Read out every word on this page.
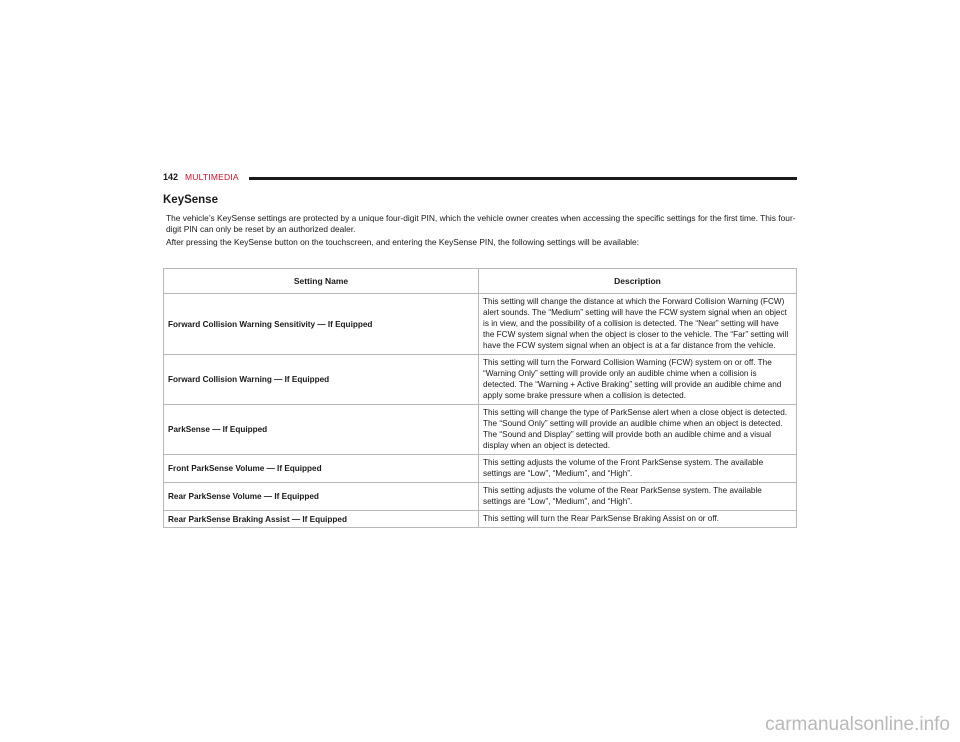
142 MULTIMEDIA
KeySense

The vehicle’s KeySense settings are protected by a unique four-digit PIN, which the vehicle owner creates when accessing the specific settings for the first time. This four-digit PIN can only be reset by an authorized dealer.

After pressing the KeySense button on the touchscreen, and entering the KeySense PIN, the following settings will be available:

Setting Name	Description
Forward Collision Warning Sensitivity — If Equipped	This setting will change the distance at which the Forward Collision Warning (FCW) alert sounds. The “Medium” setting will have the FCW system signal when an object is in view, and the possibility of a collision is detected. The “Near” setting will have the FCW system signal when the object is closer to the vehicle. The “Far” setting will have the FCW system signal when an object is at a far distance from the vehicle.
Forward Collision Warning — If Equipped	This setting will turn the Forward Collision Warning (FCW) system on or off. The “Warning Only” setting will provide only an audible chime when a collision is detected. The “Warning + Active Braking” setting will provide an audible chime and apply some brake pressure when a collision is detected.
ParkSense — If Equipped	This setting will change the type of ParkSense alert when a close object is detected. The “Sound Only” setting will provide an audible chime when an object is detected. The “Sound and Display” setting will provide both an audible chime and a visual display when an object is detected.
Front ParkSense Volume — If Equipped	This setting adjusts the volume of the Front ParkSense system. The available settings are “Low”, “Medium”, and “High”.
Rear ParkSense Volume — If Equipped	This setting adjusts the volume of the Rear ParkSense system. The available settings are “Low”, “Medium”, and “High”.
Rear ParkSense Braking Assist — If Equipped	This setting will turn the Rear ParkSense Braking Assist on or off.
carmanualsonline.info
